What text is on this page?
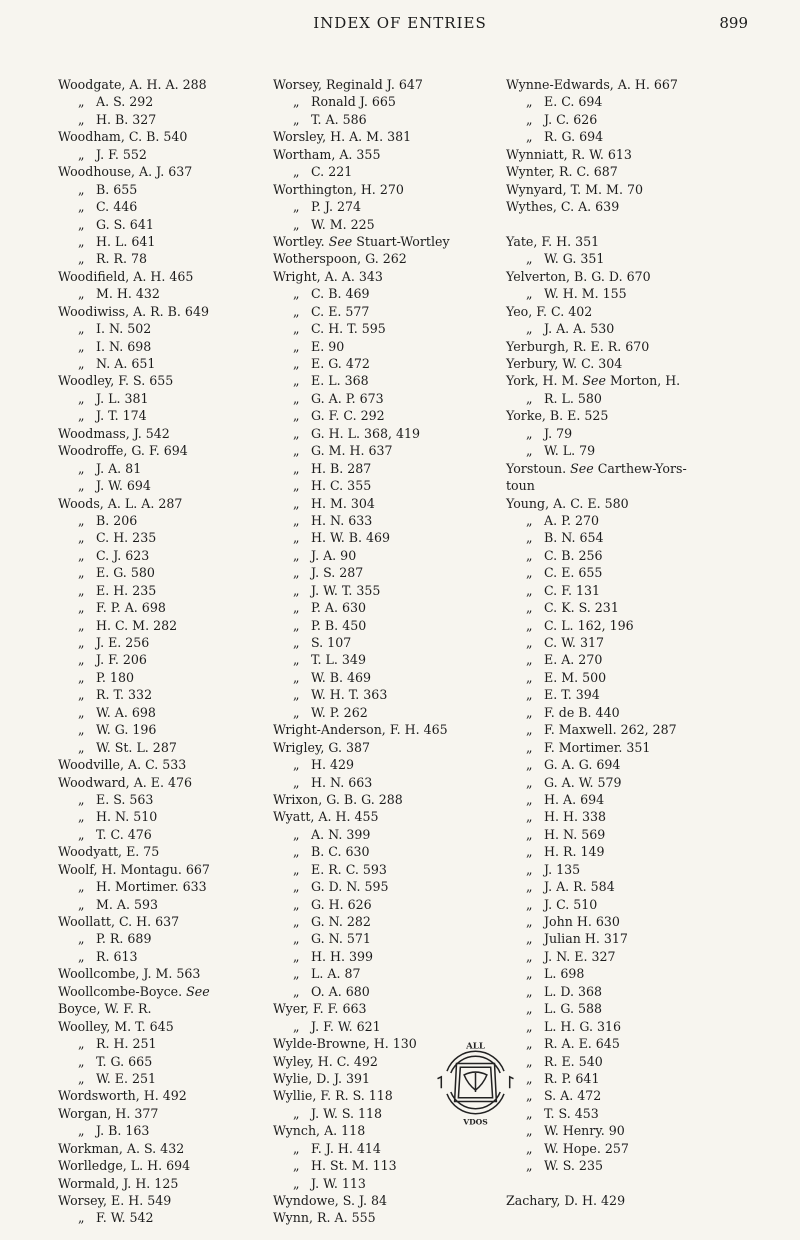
INDEX OF ENTRIES	899
Woodgate, A. H. A. 288
„ A. S. 292
„ H. B. 327
Woodham, C. B. 540
„ J. F. 552
Woodhouse, A. J. 637
„ B. 655
„ C. 446
„ G. S. 641
„ H. L. 641
„ R. R. 78
Woodifield, A. H. 465
„ M. H. 432
Woodiwiss, A. R. B. 649
„ I. N. 502
„ I. N. 698
„ N. A. 651
Woodley, F. S. 655
„ J. L. 381
„ J. T. 174
Woodmass, J. 542
Woodroffe, G. F. 694
„ J. A. 81
„ J. W. 694
Woods, A. L. A. 287
„ B. 206
„ C. H. 235
„ C. J. 623
„ E. G. 580
„ E. H. 235
„ F. P. A. 698
„ H. C. M. 282
„ J. E. 256
„ J. F. 206
„ P. 180
„ R. T. 332
„ W. A. 698
„ W. G. 196
„ W. St. L. 287
Woodville, A. C. 533
Woodward, A. E. 476
„ E. S. 563
„ H. N. 510
„ T. C. 476
Woodyatt, E. 75
Woolf, H. Montagu. 667
„ H. Mortimer. 633
„ M. A. 593
Woollatt, C. H. 637
„ P. R. 689
„ R. 613
Woollcombe, J. M. 563
Woollcombe-Boyce. See
Boyce, W. F. R.
Woolley, M. T. 645
„ R. H. 251
„ T. G. 665
„ W. E. 251
Wordsworth, H. 492
Worgan, H. 377
„ J. B. 163
Workman, A. S. 432
Worlledge, L. H. 694
Wormald, J. H. 125
Worsey, E. H. 549
„ F. W. 542
Worsey, Reginald J. 647
„ Ronald J. 665
„ T. A. 586
Worsley, H. A. M. 381
Wortham, A. 355
„ C. 221
Worthington, H. 270
„ P. J. 274
„ W. M. 225
Wortley. See Stuart-Wortley
Wotherspoon, G. 262
Wright, A. A. 343
„ C. B. 469
„ C. E. 577
„ C. H. T. 595
„ E. 90
„ E. G. 472
„ E. L. 368
„ G. A. P. 673
„ G. F. C. 292
„ G. H. L. 368, 419
„ G. M. H. 637
„ H. B. 287
„ H. C. 355
„ H. M. 304
„ H. N. 633
„ H. W. B. 469
„ J. A. 90
„ J. S. 287
„ J. W. T. 355
„ P. A. 630
„ P. B. 450
„ S. 107
„ T. L. 349
„ W. B. 469
„ W. H. T. 363
„ W. P. 262
Wright-Anderson, F. H. 465
Wrigley, G. 387
„ H. 429
„ H. N. 663
Wrixon, G. B. G. 288
Wyatt, A. H. 455
„ A. N. 399
„ B. C. 630
„ E. R. C. 593
„ G. D. N. 595
„ G. H. 626
„ G. N. 282
„ G. N. 571
„ H. H. 399
„ L. A. 87
„ O. A. 680
Wyer, F. F. 663
„ J. F. W. 621
Wylde-Browne, H. 130
Wyley, H. C. 492
Wylie, D. J. 391
Wyllie, F. R. S. 118
„ J. W. S. 118
Wynch, A. 118
„ F. J. H. 414
„ H. St. M. 113
„ J. W. 113
Wyndowe, S. J. 84
Wynn, R. A. 555
Wynne-Edwards, A. H. 667
„ E. C. 694
„ J. C. 626
„ R. G. 694
Wynniatt, R. W. 613
Wynter, R. C. 687
Wynyard, T. M. M. 70
Wythes, C. A. 639
Yate, F. H. 351
„ W. G. 351
Yelverton, B. G. D. 670
„ W. H. M. 155
Yeo, F. C. 402
„ J. A. A. 530
Yerburgh, R. E. R. 670
Yerbury, W. C. 304
York, H. M. See Morton, H.
„ R. L. 580
Yorke, B. E. 525
„ J. 79
„ W. L. 79
Yorstoun. See Carthew-Yors-
toun
Young, A. C. E. 580
„ A. P. 270
„ B. N. 654
„ C. B. 256
„ C. E. 655
„ C. F. 131
„ C. K. S. 231
„ C. L. 162, 196
„ C. W. 317
„ E. A. 270
„ E. M. 500
„ E. T. 394
„ F. de B. 440
„ F. Maxwell. 262, 287
„ F. Mortimer. 351
„ G. A. G. 694
„ G. A. W. 579
„ H. A. 694
„ H. H. 338
„ H. N. 569
„ H. R. 149
„ J. 135
„ J. A. R. 584
„ J. C. 510
„ John H. 630
„ Julian H. 317
„ J. N. E. 327
„ L. 698
„ L. D. 368
„ L. G. 588
„ L. H. G. 316
„ R. A. E. 645
„ R. E. 540
„ R. P. 641
„ S. A. 472
„ T. S. 453
„ W. Henry. 90
„ W. Hope. 257
„ W. S. 235
Zachary, D. H. 429
ALL
VDOS
